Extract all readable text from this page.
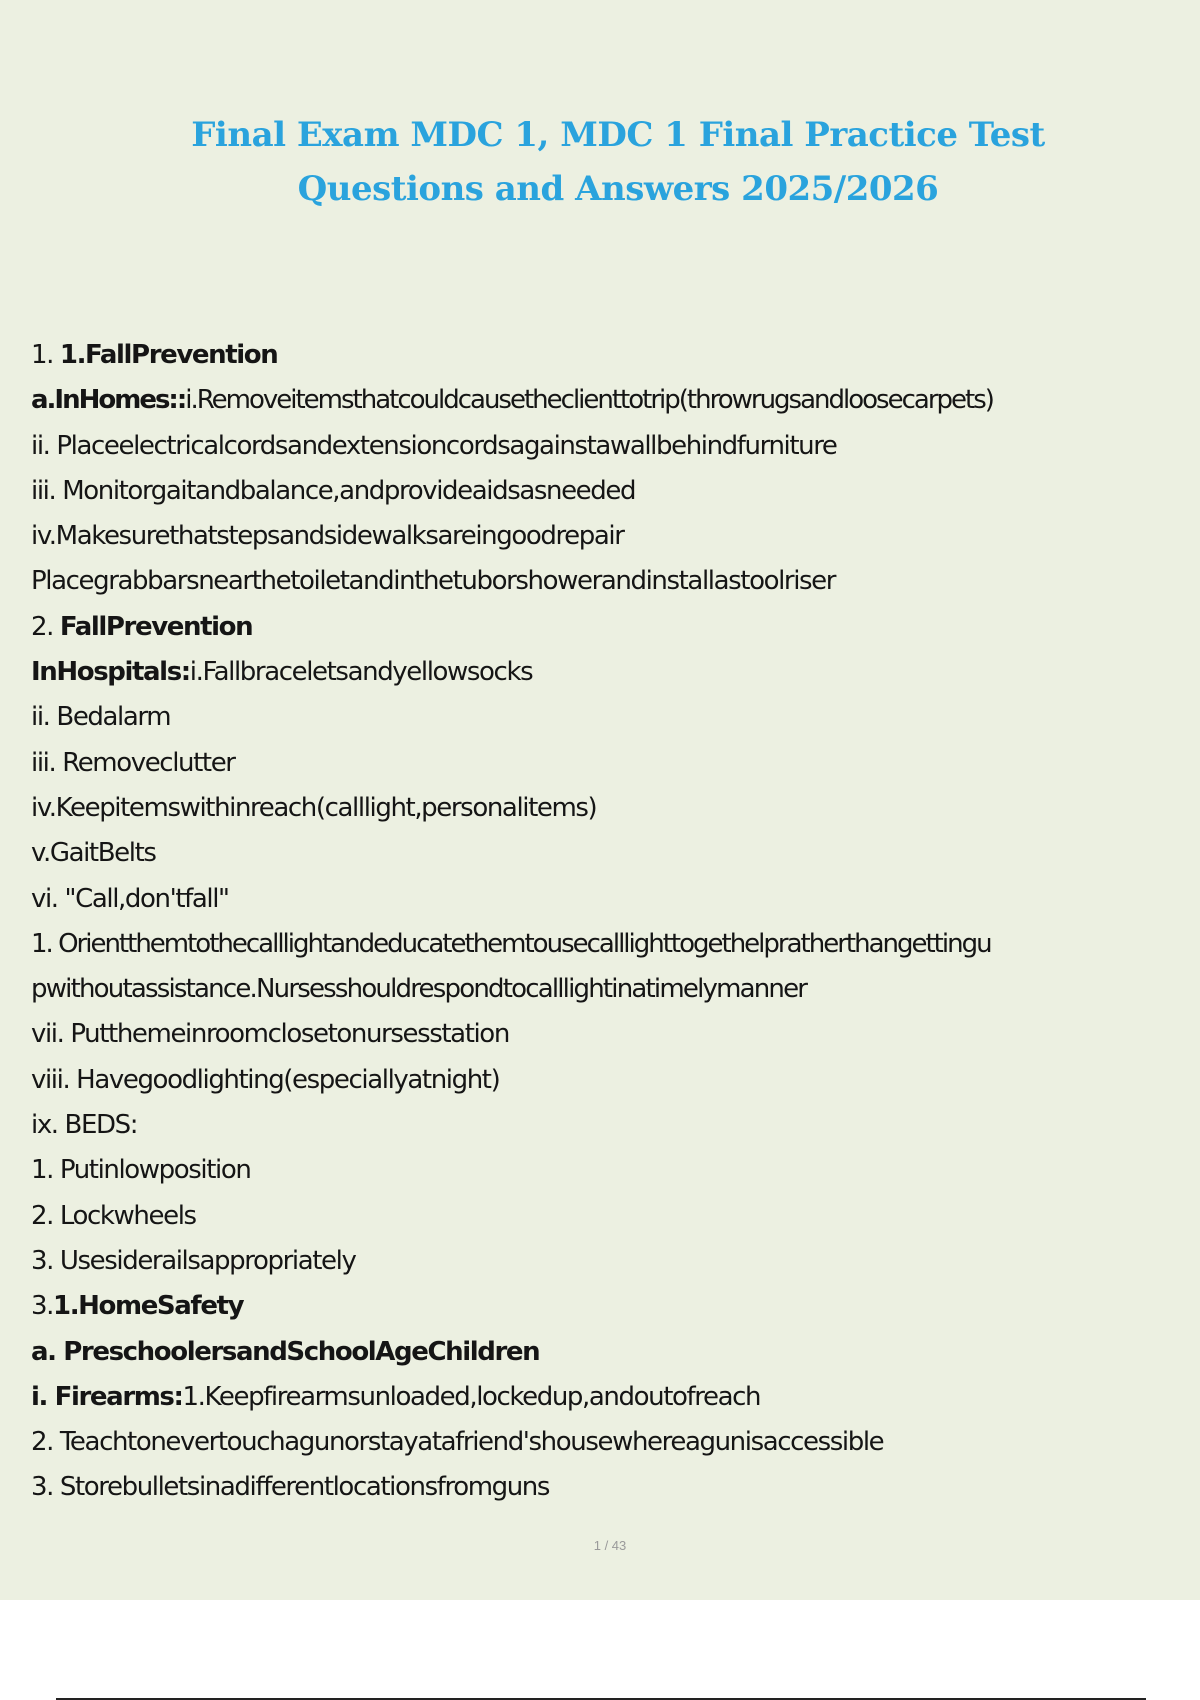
Final Exam MDC 1, MDC 1 Final Practice Test
Questions and Answers 2025/2026
1. 1.FallPrevention
a.InHomes::i.Removeitemsthatcouldcausetheclienttotrip(throwrugsandloosecarpets)
ii. Placeelectricalcordsandextensioncordsagainstawallbehindfurniture
iii. Monitorgaitandbalance,andprovideaidsasneeded
iv.Makesurethatstepsandsidewalksareingoodrepair
Placegrabbarsnearthetoiletandinthetuborshowerandinstallastoolriser
2. FallPrevention
InHospitals:i.Fallbraceletsandyellowsocks
ii. Bedalarm
iii. Removeclutter
iv.Keepitemswithinreach(calllight,personalitems)
v.GaitBelts
vi. "Call,don'tfall"
1. Orientthemtothecalllightandeducatethemtousecalllighttogethelpratherthangettingu
pwithoutassistance.Nursesshouldrespondtocalllightinatimelymanner
vii. Putthemeinroomclosetonursesstation
viii. Havegoodlighting(especiallyatnight)
ix. BEDS:
1. Putinlowposition
2. Lockwheels
3. Usesiderailsappropriately
3.1.HomeSafety
a. PreschoolersandSchoolAgeChildren
i. Firearms:1.Keepfirearmsunloaded,lockedup,andoutofreach
2. Teachtonevertouchagunorstayatafriend'shousewhereagunisaccessible
3. Storebulletsinadifferentlocationsfromguns
1 / 43
